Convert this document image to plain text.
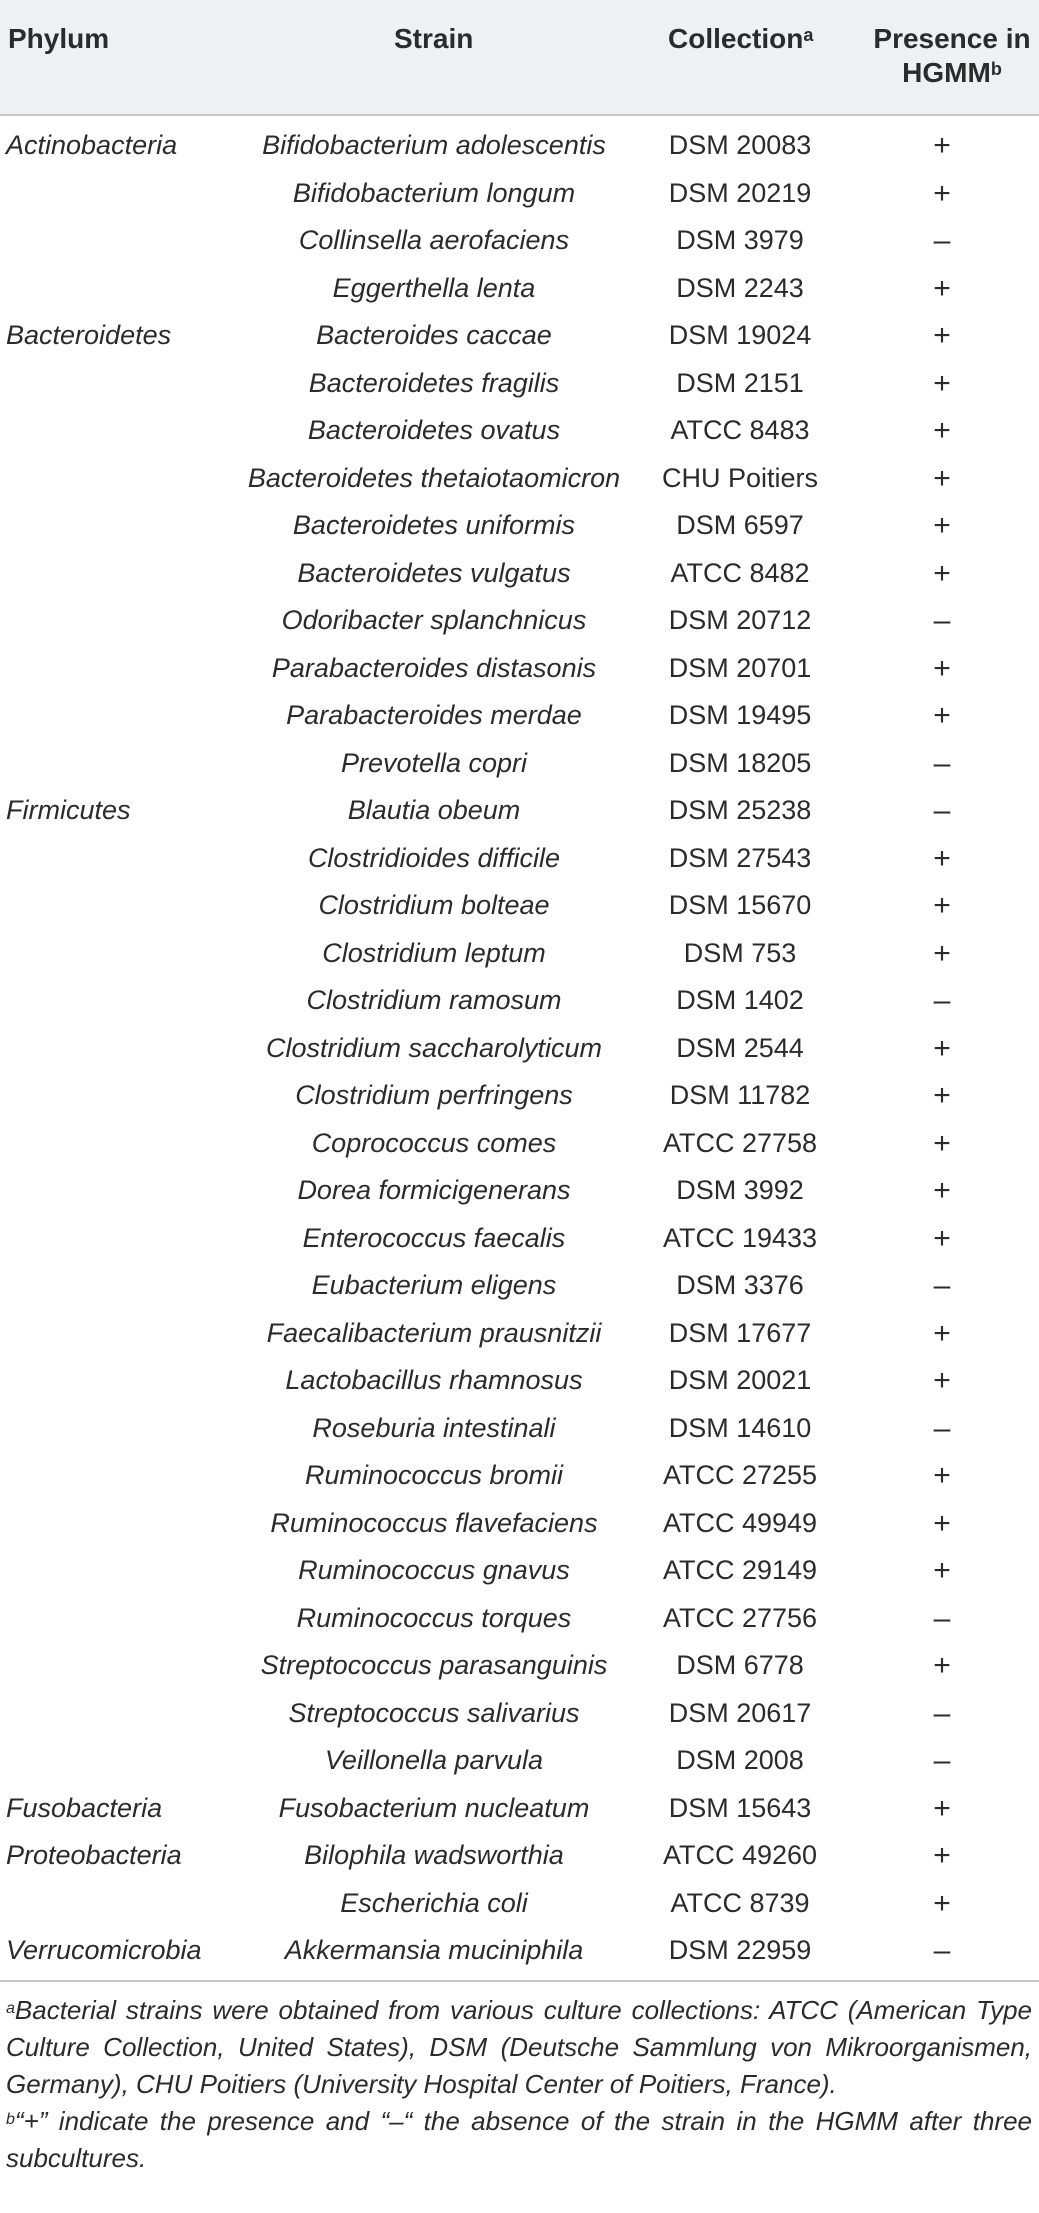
Phylum	Strain	Collection$^a$	Presence in
HGMM$^b$
Actinobacteria	Bifidobacterium adolescentis	DSM 20083	+
Bifidobacterium longum	DSM 20219	+
Collinsella aerofaciens	DSM 3979	–
Eggerthella lenta	DSM 2243	+
Bacteroidetes	Bacteroides caccae	DSM 19024	+
Bacteroidetes fragilis	DSM 2151	+
Bacteroidetes ovatus	ATCC 8483	+
Bacteroidetes thetaiotaomicron	CHU Poitiers	+
Bacteroidetes uniformis	DSM 6597	+
Bacteroidetes vulgatus	ATCC 8482	+
Odoribacter splanchnicus	DSM 20712	–
Parabacteroides distasonis	DSM 20701	+
Parabacteroides merdae	DSM 19495	+
Prevotella copri	DSM 18205	–
Firmicutes	Blautia obeum	DSM 25238	–
Clostridioides difficile	DSM 27543	+
Clostridium bolteae	DSM 15670	+
Clostridium leptum	DSM 753	+
Clostridium ramosum	DSM 1402	–
Clostridium saccharolyticum	DSM 2544	+
Clostridium perfringens	DSM 11782	+
Coprococcus comes	ATCC 27758	+
Dorea formicigenerans	DSM 3992	+
Enterococcus faecalis	ATCC 19433	+
Eubacterium eligens	DSM 3376	–
Faecalibacterium prausnitzii	DSM 17677	+
Lactobacillus rhamnosus	DSM 20021	+
Roseburia intestinali	DSM 14610	–
Ruminococcus bromii	ATCC 27255	+
Ruminococcus flavefaciens	ATCC 49949	+
Ruminococcus gnavus	ATCC 29149	+
Ruminococcus torques	ATCC 27756	–
Streptococcus parasanguinis	DSM 6778	+
Streptococcus salivarius	DSM 20617	–
Veillonella parvula	DSM 2008	–
Fusobacteria	Fusobacterium nucleatum	DSM 15643	+
Proteobacteria	Bilophila wadsworthia	ATCC 49260	+
Escherichia coli	ATCC 8739	+
Verrucomicrobia	Akkermansia muciniphila	DSM 22959	–

$^a$Bacterial strains were obtained from various culture collections: ATCC (American Type Culture Collection, United States), DSM (Deutsche Sammlung von Mikroorganismen, Germany), CHU Poitiers (University Hospital Center of Poitiers, France).

$^b$“+” indicate the presence and “–“ the absence of the strain in the HGMM after three subcultures.
